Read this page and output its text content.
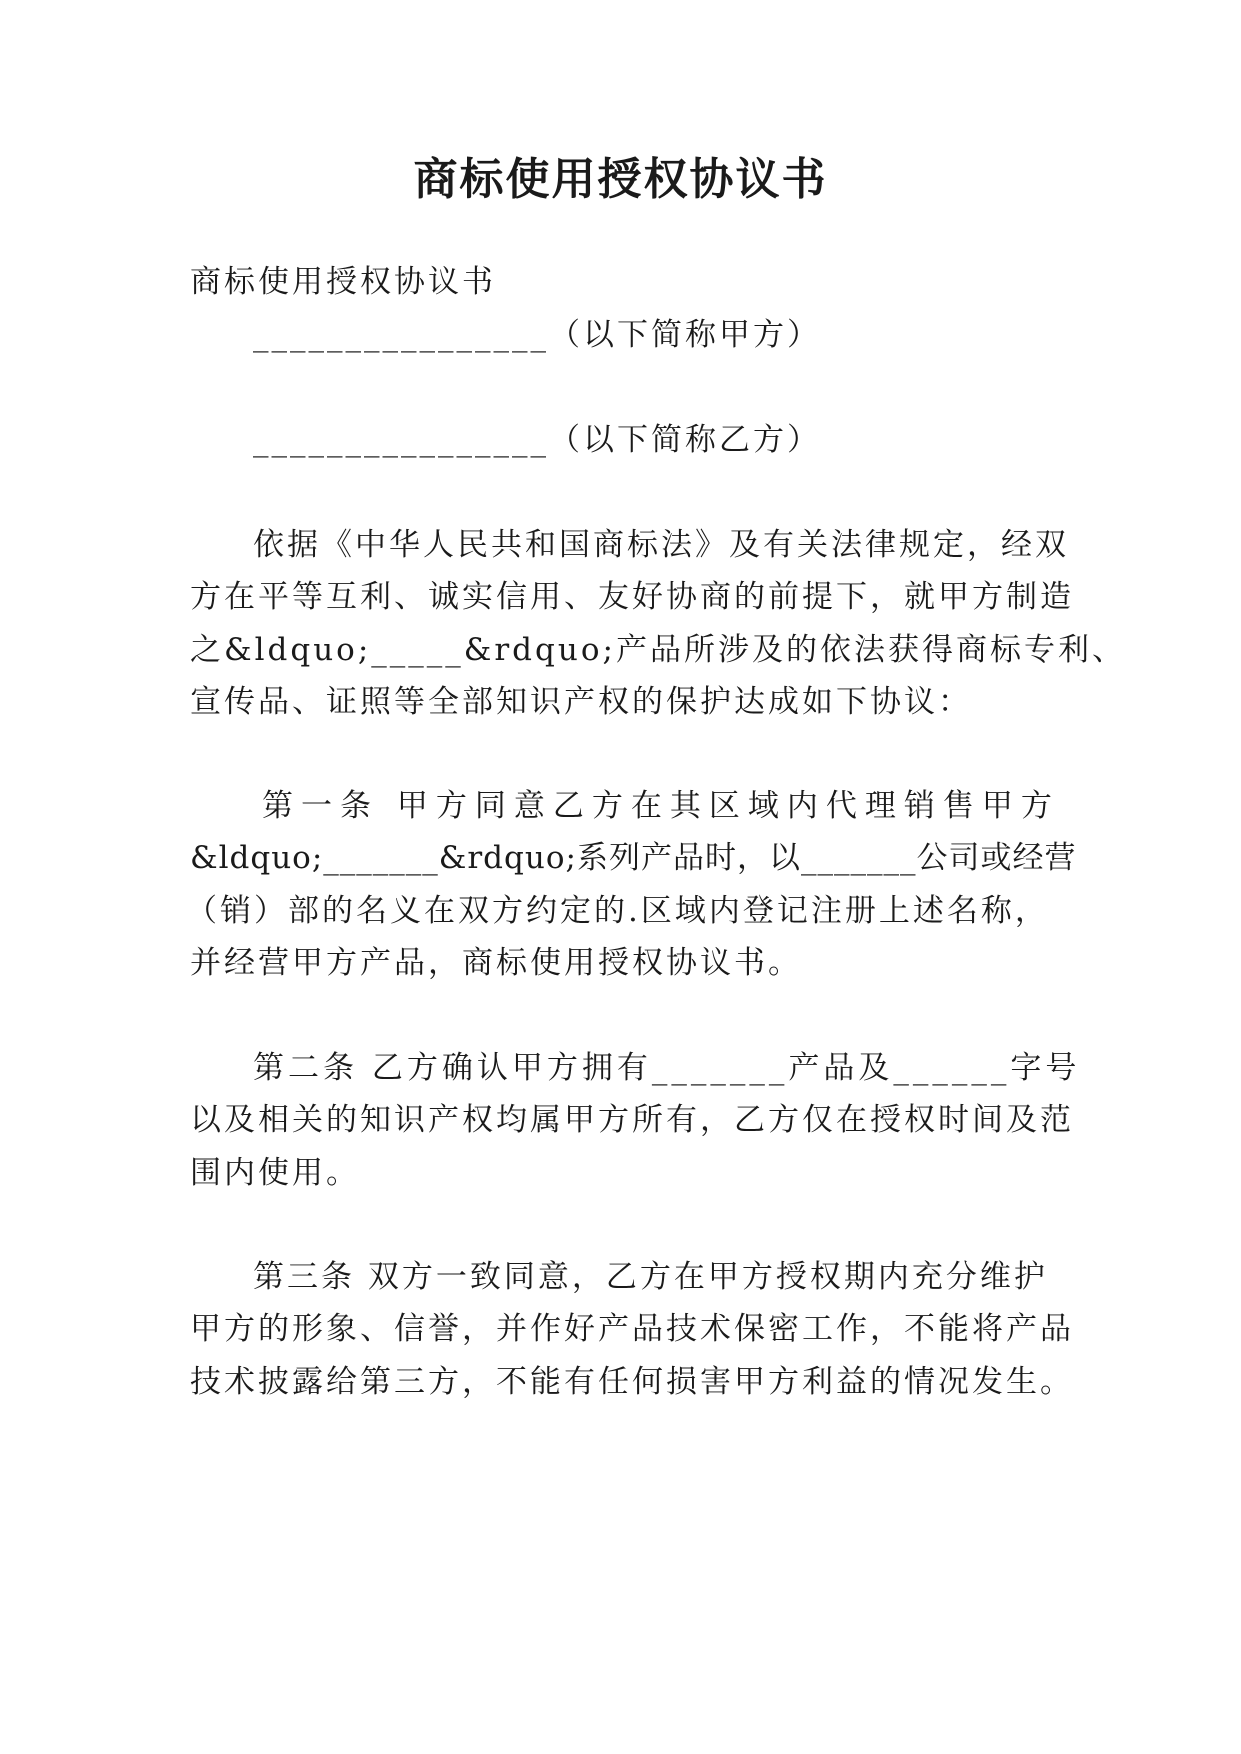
商标使用授权协议书

商标使用授权协议书

________________（以下简称甲方）

________________（以下简称乙方）

依据《中华人民共和国商标法》及有关法律规定，经双

方在平等互利、诚实信用、友好协商的前提下，就甲方制造

之&ldquo;_____&rdquo;产品所涉及的依法获得商标专利、

宣传品、证照等全部知识产权的保护达成如下协议：

第一条 甲方同意乙方在其区域内代理销售甲方

&ldquo;_______&rdquo;系列产品时，以_______公司或经营

（销）部的名义在双方约定的.区域内登记注册上述名称，

并经营甲方产品，商标使用授权协议书。

第二条 乙方确认甲方拥有_______产品及______字号

以及相关的知识产权均属甲方所有，乙方仅在授权时间及范

围内使用。

第三条 双方一致同意，乙方在甲方授权期内充分维护

甲方的形象、信誉，并作好产品技术保密工作，不能将产品

技术披露给第三方，不能有任何损害甲方利益的情况发生。
